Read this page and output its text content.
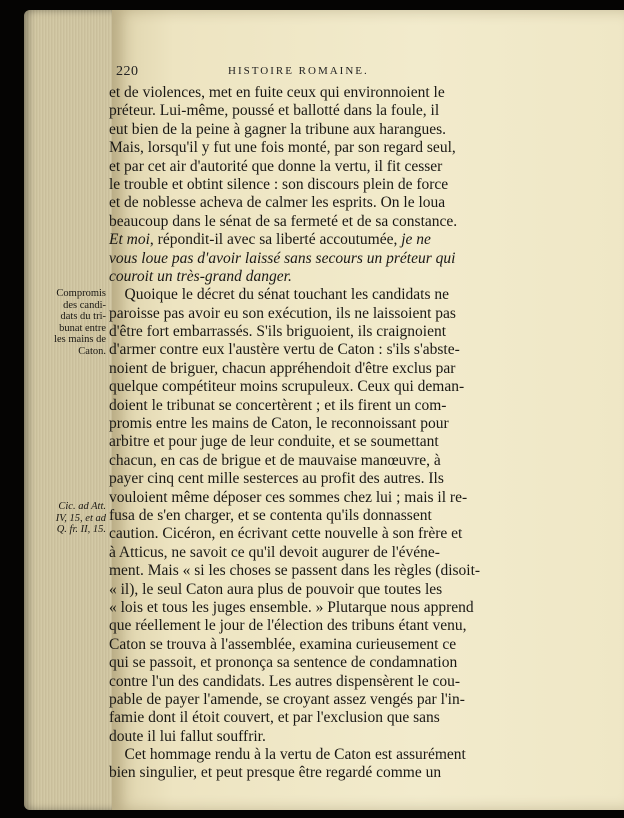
220	HISTOIRE ROMAINE.
et de violences, met en fuite ceux qui environnoient le
préteur. Lui-même, poussé et ballotté dans la foule, il
eut bien de la peine à gagner la tribune aux harangues.
Mais, lorsqu'il y fut une fois monté, par son regard seul,
et par cet air d'autorité que donne la vertu, il fit cesser
le trouble et obtint silence : son discours plein de force
et de noblesse acheva de calmer les esprits. On le loua
beaucoup dans le sénat de sa fermeté et de sa constance.
Et moi, répondit-il avec sa liberté accoutumée, je ne
vous loue pas d'avoir laissé sans secours un préteur qui
couroit un très-grand danger.
Compromis
des candi-
dats du tri-
bunat entre
les mains de
Caton.
Cic. ad Att.
IV, 15, et ad
Q. fr. II, 15.
Quoique le décret du sénat touchant les candidats ne
paroisse pas avoir eu son exécution, ils ne laissoient pas
d'être fort embarrassés. S'ils briguoient, ils craignoient
d'armer contre eux l'austère vertu de Caton : s'ils s'abste-
noient de briguer, chacun appréhendoit d'être exclus par
quelque compétiteur moins scrupuleux. Ceux qui deman-
doient le tribunat se concertèrent ; et ils firent un com-
promis entre les mains de Caton, le reconnoissant pour
arbitre et pour juge de leur conduite, et se soumettant
chacun, en cas de brigue et de mauvaise manœuvre, à
payer cinq cent mille sesterces au profit des autres. Ils
vouloient même déposer ces sommes chez lui ; mais il re-
fusa de s'en charger, et se contenta qu'ils donnassent
caution. Cicéron, en écrivant cette nouvelle à son frère et
à Atticus, ne savoit ce qu'il devoit augurer de l'événe-
ment. Mais « si les choses se passent dans les règles (disoit-
« il), le seul Caton aura plus de pouvoir que toutes les
« lois et tous les juges ensemble. » Plutarque nous apprend
que réellement le jour de l'élection des tribuns étant venu,
Caton se trouva à l'assemblée, examina curieusement ce
qui se passoit, et prononça sa sentence de condamnation
contre l'un des candidats. Les autres dispensèrent le cou-
pable de payer l'amende, se croyant assez vengés par l'in-
famie dont il étoit couvert, et par l'exclusion que sans
doute il lui fallut souffrir.
Cet hommage rendu à la vertu de Caton est assurément
bien singulier, et peut presque être regardé comme un
